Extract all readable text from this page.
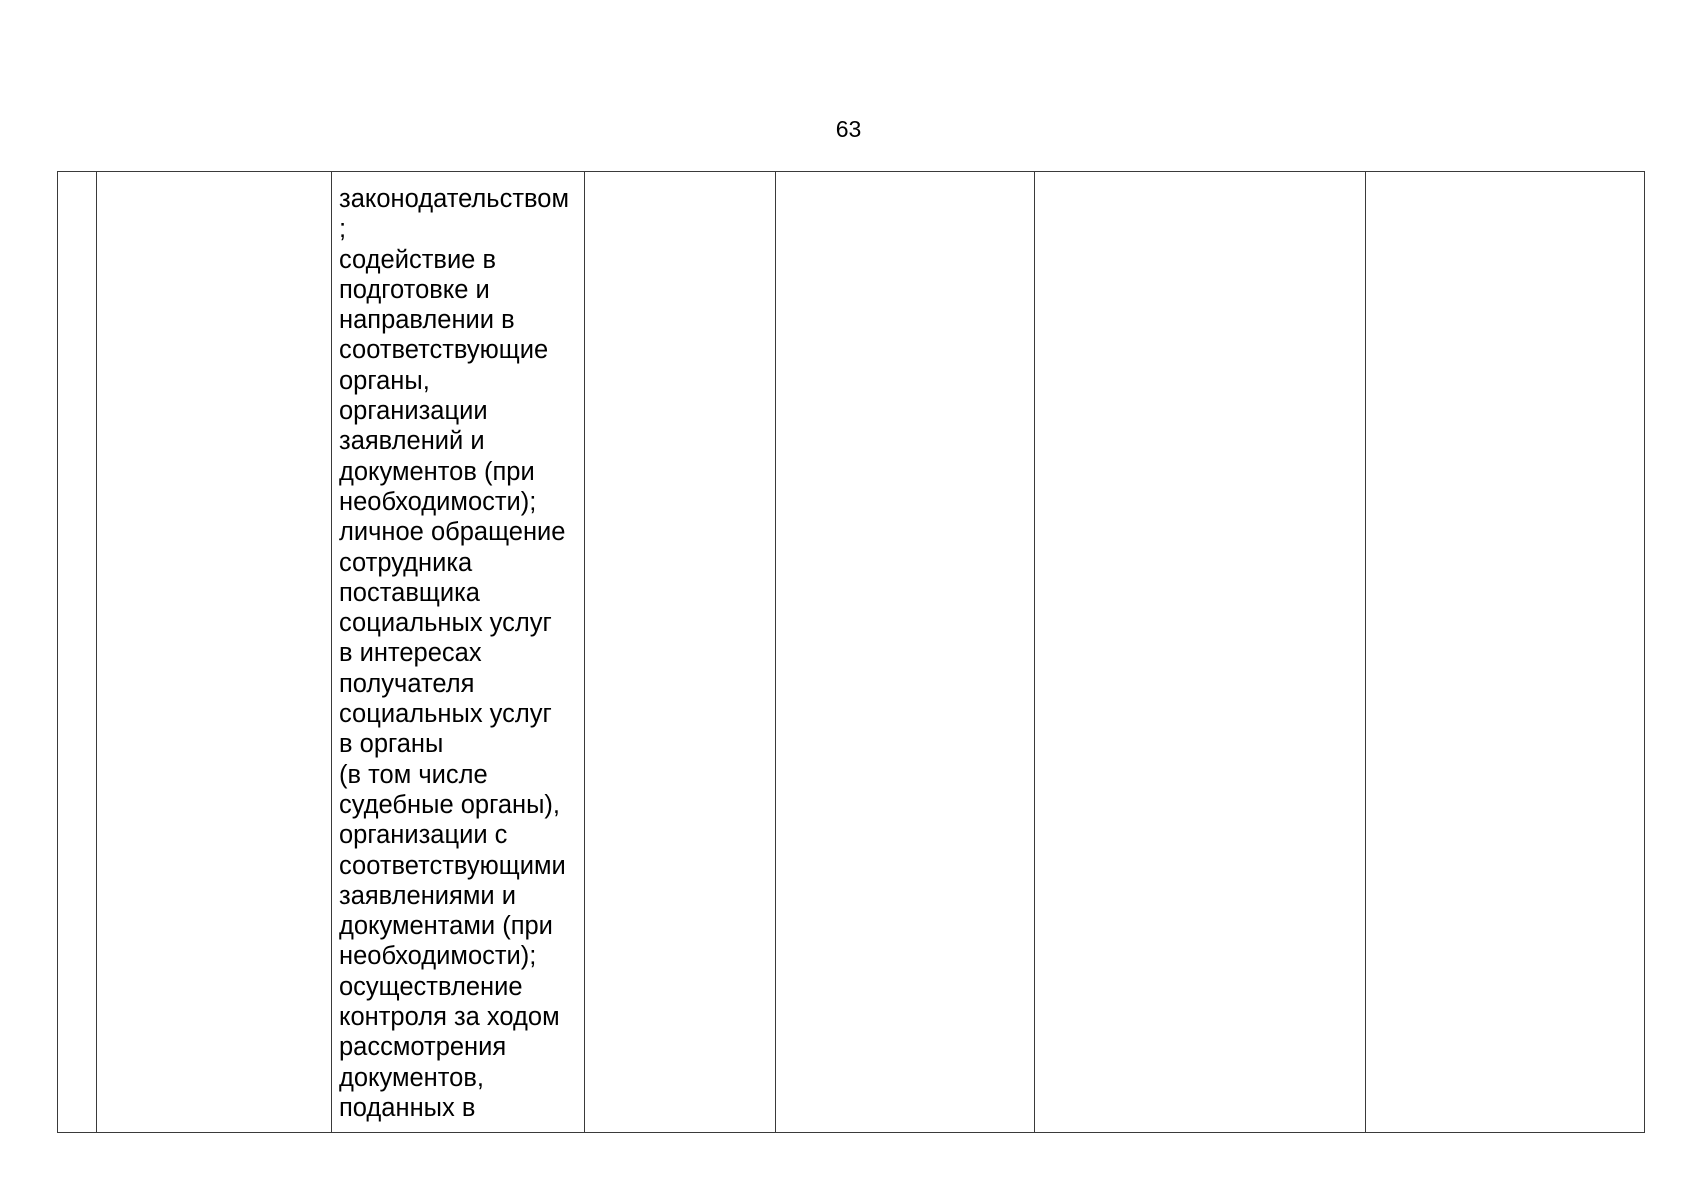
63

законодательством
;
содействие в
подготовке и
направлении в
соответствующие
органы,
организации
заявлений и
документов (при
необходимости);
личное обращение
сотрудника
поставщика
социальных услуг
в интересах
получателя
социальных услуг
в органы
(в том числе
судебные органы),
организации с
соответствующими
заявлениями и
документами (при
необходимости);
осуществление
контроля за ходом
рассмотрения
документов,
поданных в
